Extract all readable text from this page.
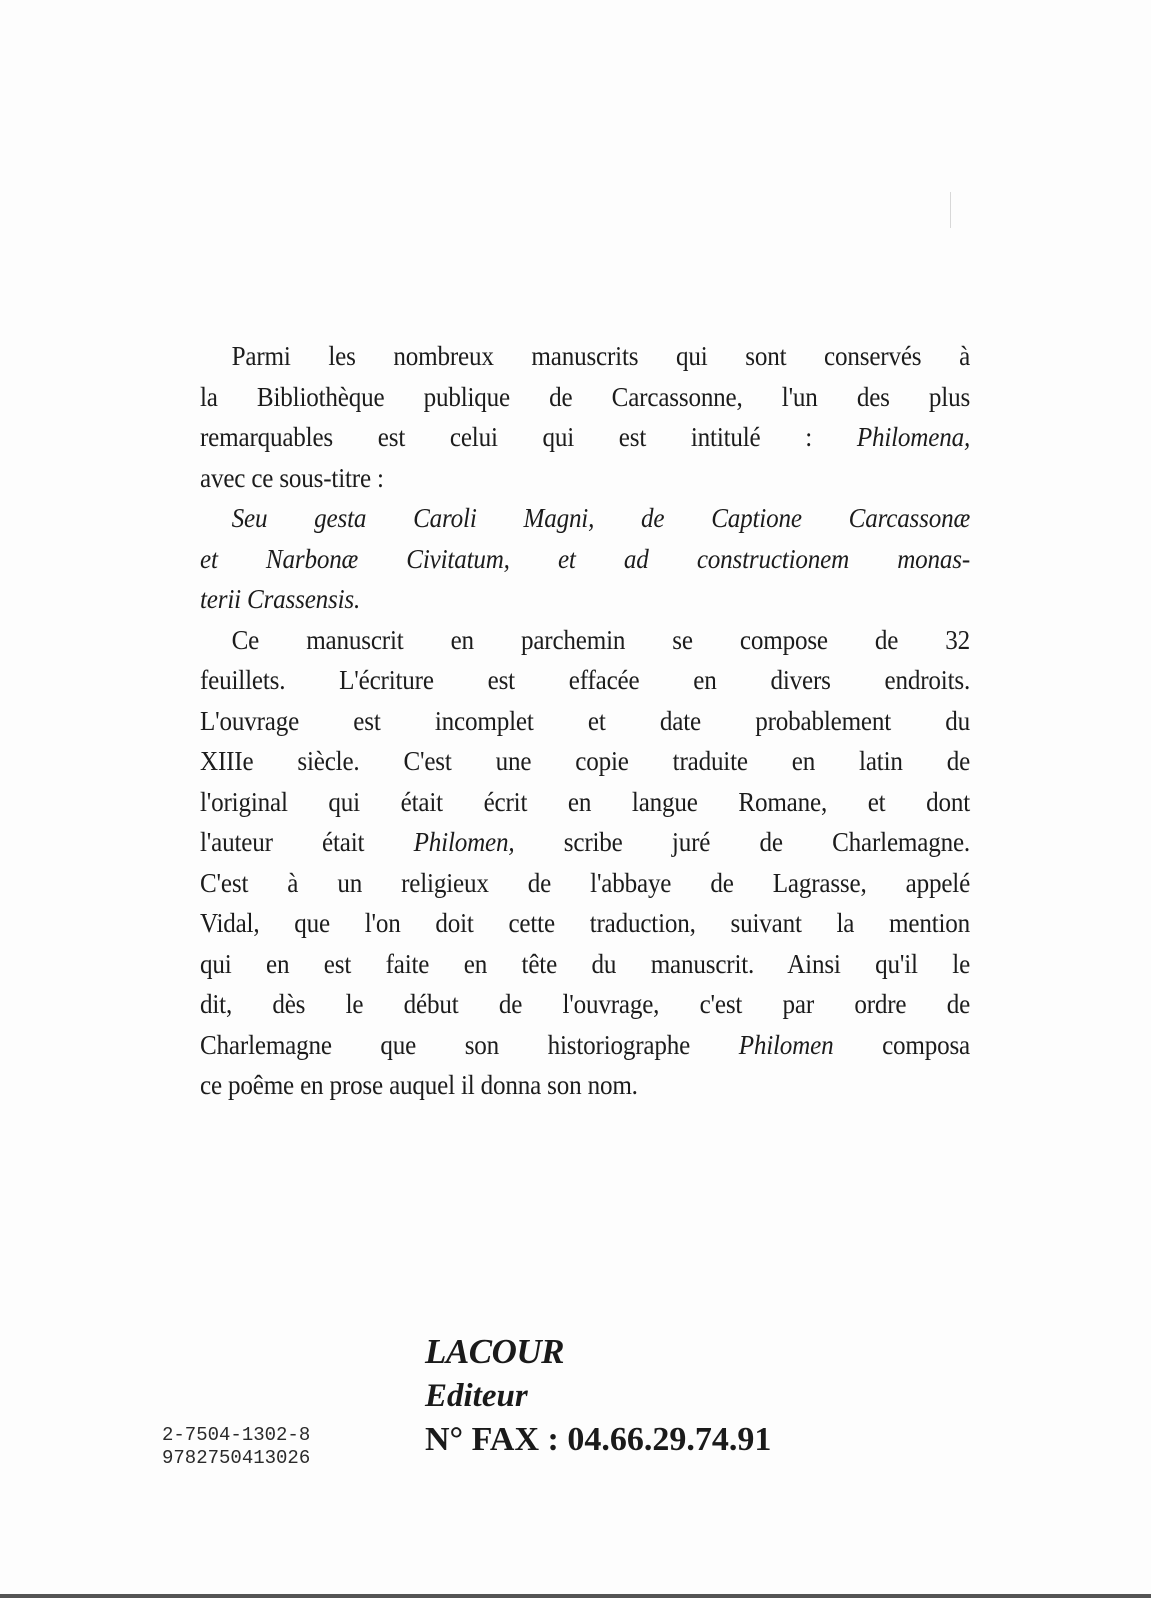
Parmi les nombreux manuscrits qui sont conservés à

la Bibliothèque publique de Carcassonne, l'un des plus

remarquables est celui qui est intitulé : Philomena,

avec ce sous-titre :

Seu gesta Caroli Magni, de Captione Carcassonæ

et Narbonæ Civitatum, et ad constructionem monas-

terii Crassensis.

Ce manuscrit en parchemin se compose de 32

feuillets. L'écriture est effacée en divers endroits.

L'ouvrage est incomplet et date probablement du

XIIIe siècle. C'est une copie traduite en latin de

l'original qui était écrit en langue Romane, et dont

l'auteur était Philomen, scribe juré de Charlemagne.

C'est à un religieux de l'abbaye de Lagrasse, appelé

Vidal, que l'on doit cette traduction, suivant la mention

qui en est faite en tête du manuscrit. Ainsi qu'il le

dit, dès le début de l'ouvrage, c'est par ordre de

Charlemagne que son historiographe Philomen composa

ce poême en prose auquel il donna son nom.

2-7504-1302-8
9782750413026
LACOUR
Editeur
N° FAX : 04.66.29.74.91
